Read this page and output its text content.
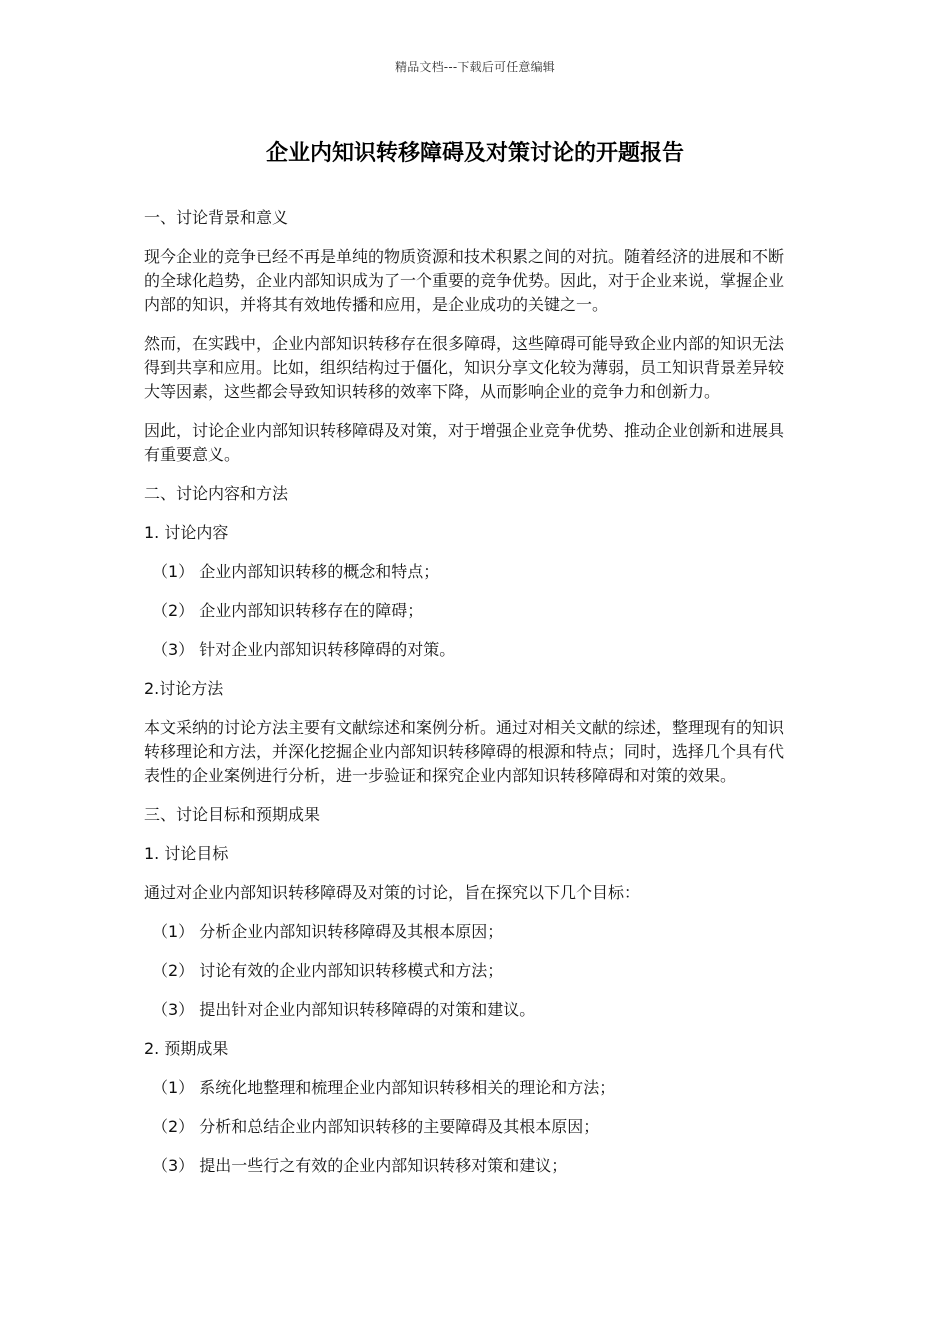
精品文档---下载后可任意编辑
企业内知识转移障碍及对策讨论的开题报告

一、讨论背景和意义

现今企业的竞争已经不再是单纯的物质资源和技术积累之间的对抗。随着经济的进展和不断的全球化趋势，企业内部知识成为了一个重要的竞争优势。因此，对于企业来说，掌握企业内部的知识，并将其有效地传播和应用，是企业成功的关键之一。

然而，在实践中，企业内部知识转移存在很多障碍，这些障碍可能导致企业内部的知识无法得到共享和应用。比如，组织结构过于僵化，知识分享文化较为薄弱，员工知识背景差异较大等因素，这些都会导致知识转移的效率下降，从而影响企业的竞争力和创新力。

因此，讨论企业内部知识转移障碍及对策，对于增强企业竞争优势、推动企业创新和进展具有重要意义。

二、讨论内容和方法

1. 讨论内容

（1） 企业内部知识转移的概念和特点；

（2） 企业内部知识转移存在的障碍；

（3） 针对企业内部知识转移障碍的对策。

2.讨论方法

本文采纳的讨论方法主要有文献综述和案例分析。通过对相关文献的综述，整理现有的知识转移理论和方法，并深化挖掘企业内部知识转移障碍的根源和特点；同时，选择几个具有代表性的企业案例进行分析，进一步验证和探究企业内部知识转移障碍和对策的效果。

三、讨论目标和预期成果

1. 讨论目标

通过对企业内部知识转移障碍及对策的讨论，旨在探究以下几个目标：

（1） 分析企业内部知识转移障碍及其根本原因；

（2） 讨论有效的企业内部知识转移模式和方法；

（3） 提出针对企业内部知识转移障碍的对策和建议。

2. 预期成果

（1） 系统化地整理和梳理企业内部知识转移相关的理论和方法；

（2） 分析和总结企业内部知识转移的主要障碍及其根本原因；

（3） 提出一些行之有效的企业内部知识转移对策和建议；
